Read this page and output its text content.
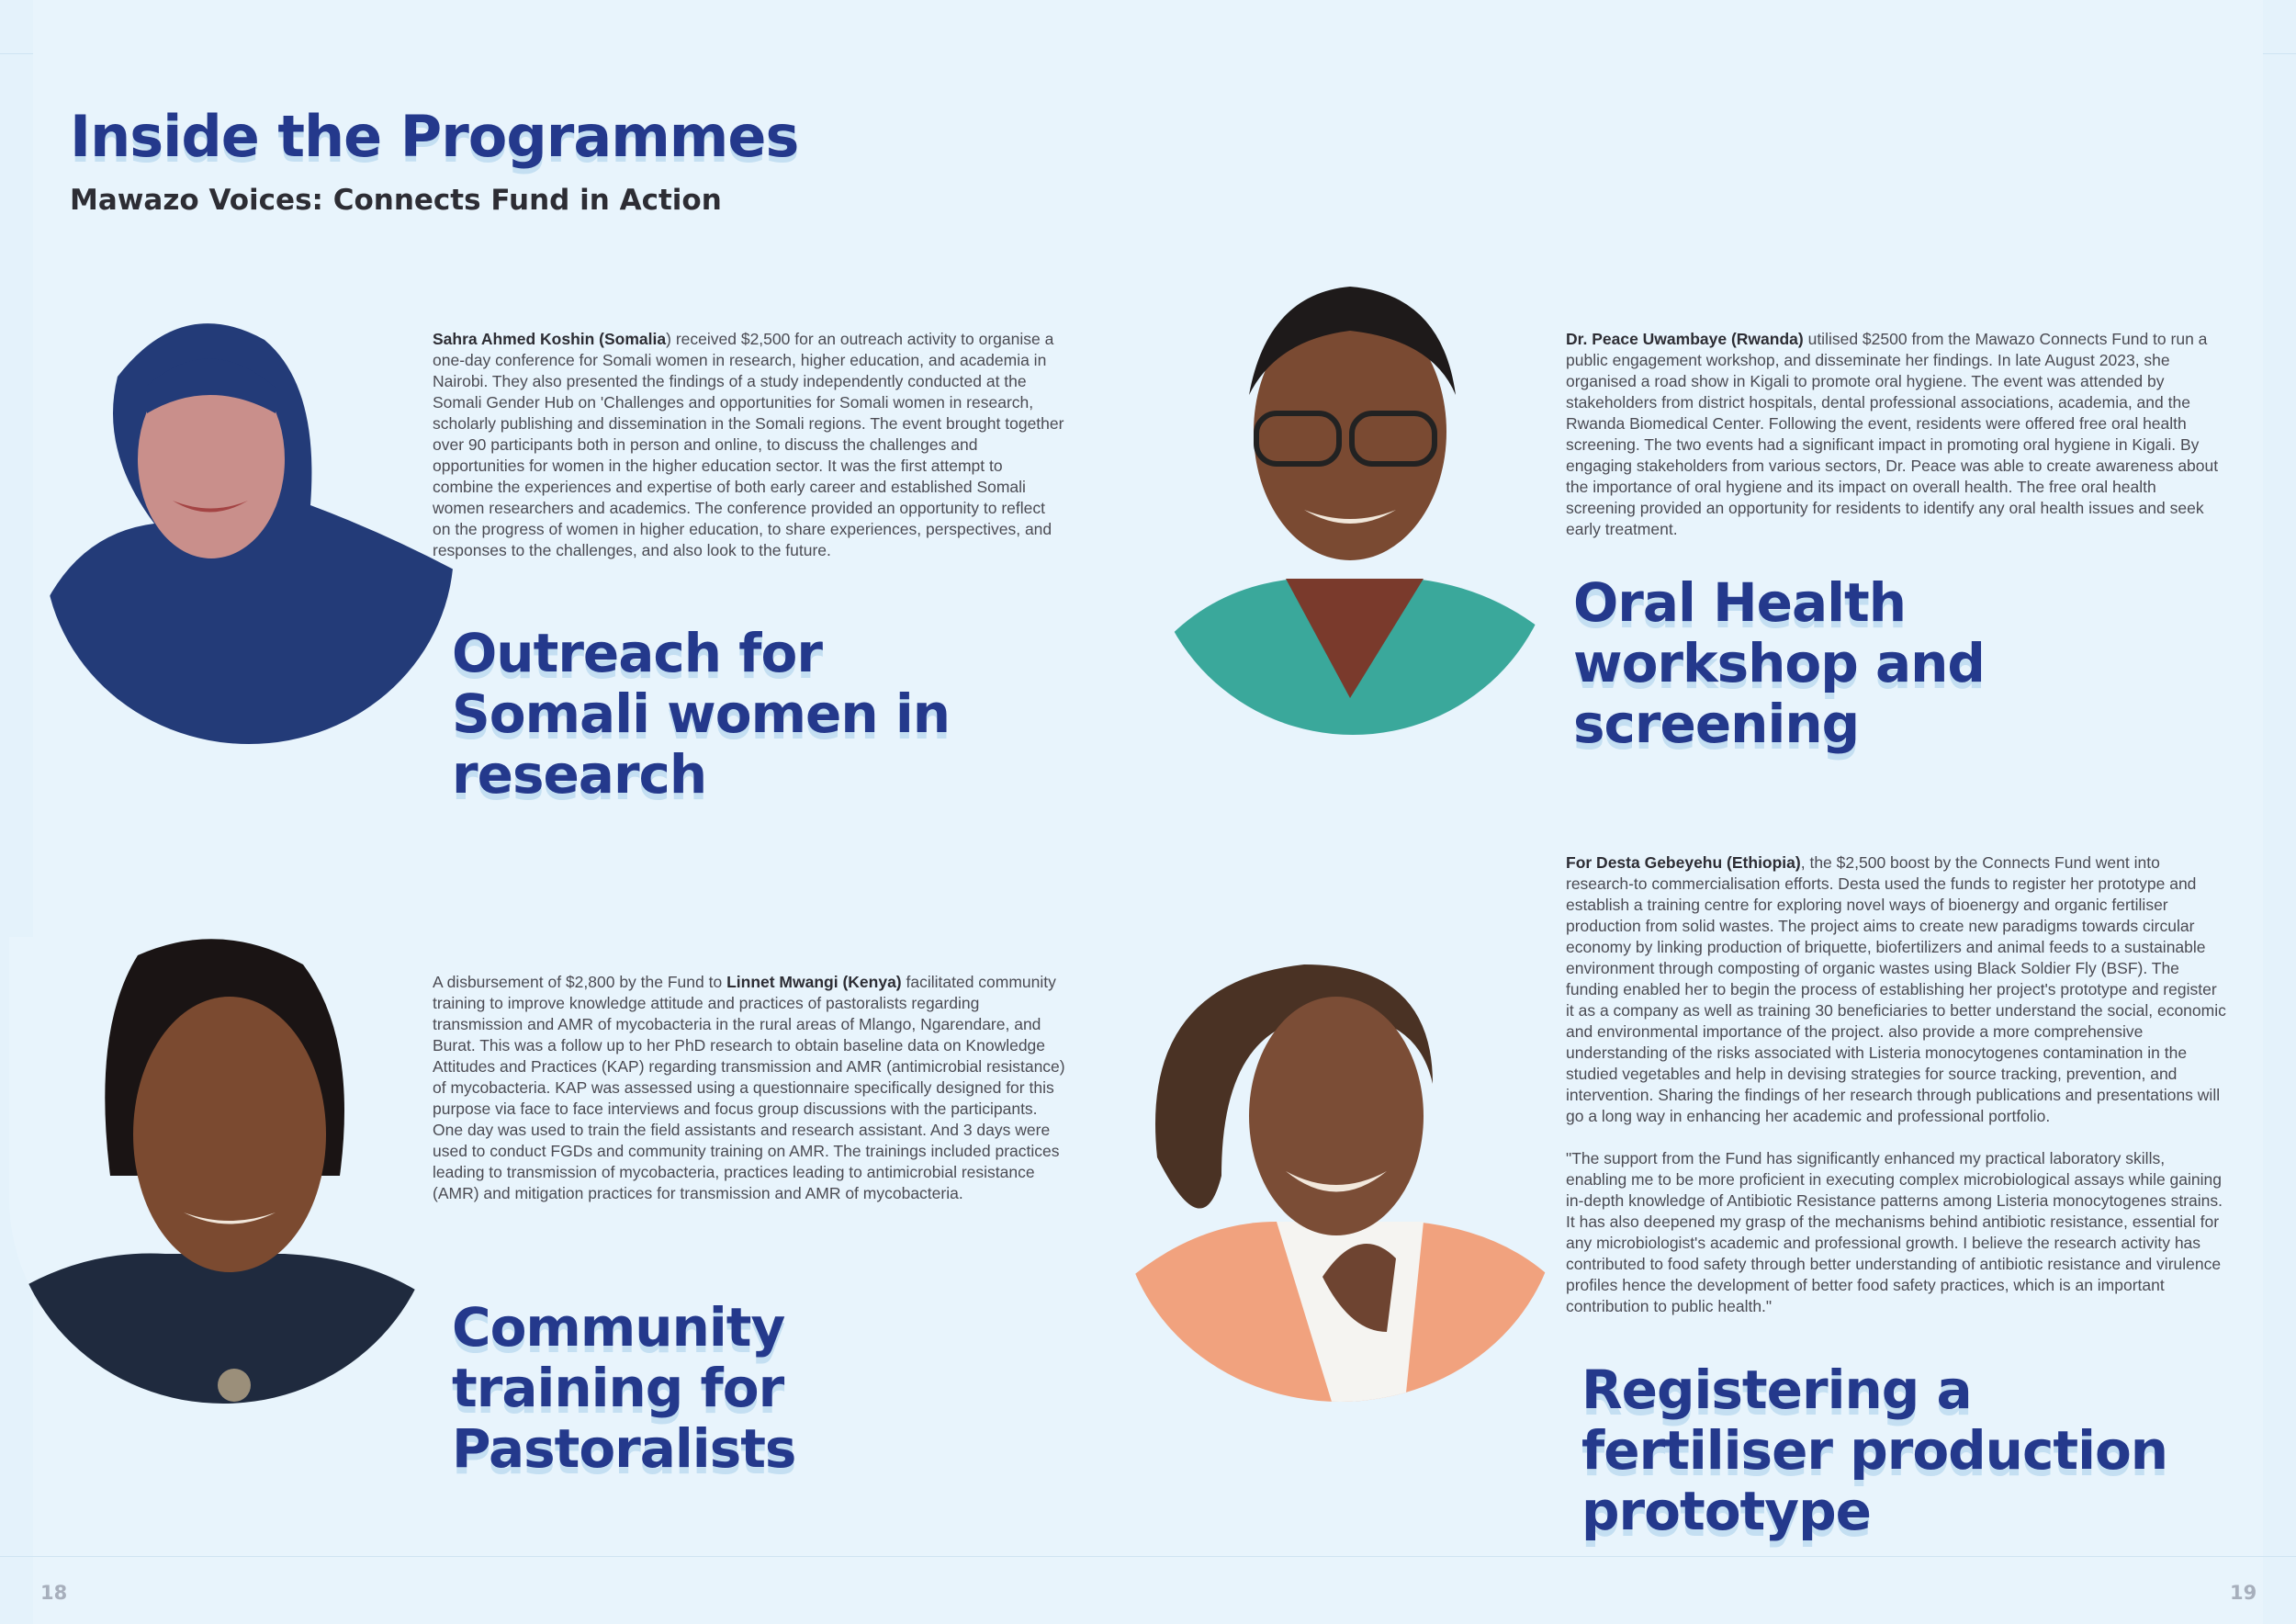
Inside the Programmes
Mawazo Voices: Connects Fund in Action
Sahra Ahmed Koshin (Somalia) received $2,500 for an outreach activity to organise a one-day conference for Somali women in research, higher education, and academia in Nairobi. They also presented the findings of a study independently conducted at the Somali Gender Hub on 'Challenges and opportunities for Somali women in research, scholarly publishing and dissemination in the Somali regions. The event brought together over 90 participants both in person and online, to discuss the challenges and opportunities for women in the higher education sector. It was the first attempt to combine the experiences and expertise of both early career and established Somali women researchers and academics. The conference provided an opportunity to reflect on the progress of women in higher education, to share experiences, perspectives, and responses to the challenges, and also look to the future.
Outreach for
Somali women in
research
Dr. Peace Uwambaye (Rwanda) utilised $2500 from the Mawazo Connects Fund to run a public engagement workshop, and disseminate her findings. In late August 2023, she organised a road show in Kigali to promote oral hygiene. The event was attended by stakeholders from district hospitals, dental professional associations, academia, and the Rwanda Biomedical Center. Following the event, residents were offered free oral health screening. The two events had a significant impact in promoting oral hygiene in Kigali. By engaging stakeholders from various sectors, Dr. Peace was able to create awareness about the importance of oral hygiene and its impact on overall health. The free oral health screening provided an opportunity for residents to identify any oral health issues and seek early treatment.
Oral Health
workshop and
screening
A disbursement of $2,800 by the Fund to Linnet Mwangi (Kenya) facilitated community training to improve knowledge attitude and practices of pastoralists regarding transmission and AMR of mycobacteria in the rural areas of Mlango, Ngarendare, and Burat. This was a follow up to her PhD research to obtain baseline data on Knowledge Attitudes and Practices (KAP) regarding transmission and AMR (antimicrobial resistance) of mycobacteria. KAP was assessed using a questionnaire specifically designed for this purpose via face to face interviews and focus group discussions with the participants. One day was used to train the field assistants and research assistant. And 3 days were used to conduct FGDs and community training on AMR. The trainings included practices leading to transmission of mycobacteria, practices leading to antimicrobial resistance (AMR) and mitigation practices for transmission and AMR of mycobacteria.
Community
training for
Pastoralists

For Desta Gebeyehu (Ethiopia), the $2,500 boost by the Connects Fund went into research-to commercialisation efforts. Desta used the funds to register her prototype and establish a training centre for exploring novel ways of bioenergy and organic fertiliser production from solid wastes. The project aims to create new paradigms towards circular economy by linking production of briquette, biofertilizers and animal feeds to a sustainable environment through composting of organic wastes using Black Soldier Fly (BSF). The funding enabled her to begin the process of establishing her project's prototype and register it as a company as well as training 30 beneficiaries to better understand the social, economic and environmental importance of the project. also provide a more comprehensive understanding of the risks associated with Listeria monocytogenes contamination in the studied vegetables and help in devising strategies for source tracking, prevention, and intervention. Sharing the findings of her research through publications and presentations will go a long way in enhancing her academic and professional portfolio.

"The support from the Fund has significantly enhanced my practical laboratory skills, enabling me to be more proficient in executing complex microbiological assays while gaining in-depth knowledge of Antibiotic Resistance patterns among Listeria monocytogenes strains. It has also deepened my grasp of the mechanisms behind antibiotic resistance, essential for any microbiologist's academic and professional growth. I believe the research activity has contributed to food safety through better understanding of antibiotic resistance and virulence profiles hence the development of better food safety practices, which is an important contribution to public health."

Registering a
fertiliser production
prototype
18	19
